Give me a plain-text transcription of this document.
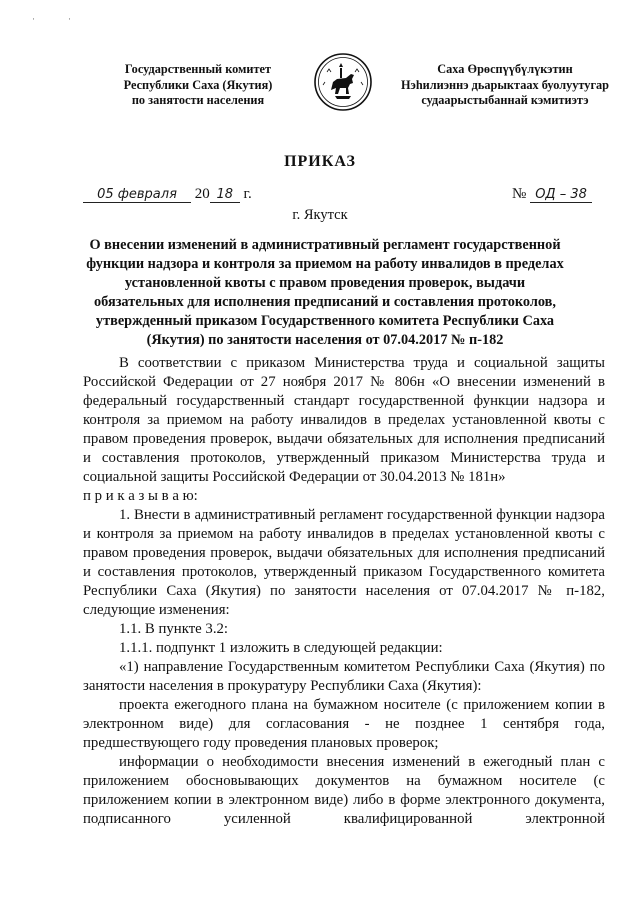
·	·
Государственный комитет
Республики Саха (Якутия)
по занятости населения
Саха Өрөспүүбүлүкэтин
Нэһилиэннэ дьарыктаах буолуутугар
судаарыстыбаннай кэмитиэтэ
ПРИКАЗ
05 февраля 20 18 г.	№ ОД – 38
г. Якутск
О внесении изменений в административный регламент государственной
функции надзора и контроля за приемом на работу инвалидов в пределах
установленной квоты с правом проведения проверок, выдачи
обязательных для исполнения предписаний и составления протоколов,
утвержденный приказом Государственного комитета Республики Саха
(Якутия) по занятости населения от 07.04.2017 № п-182

В соответствии с приказом Министерства труда и социальной защиты Российской Федерации от 27 ноября 2017 № 806н «О внесении изменений в федеральный государственный стандарт государственной функции надзора и контроля за приемом на работу инвалидов в пределах установленной квоты с правом проведения проверок, выдачи обязательных для исполнения предписаний и составления протоколов, утвержденный приказом Министерства труда и социальной защиты Российской Федерации от 30.04.2013 № 181н»

п р и к а з ы в а ю:

1. Внести в административный регламент государственной функции надзора и контроля за приемом на работу инвалидов в пределах установленной квоты с правом проведения проверок, выдачи обязательных для исполнения предписаний и составления протоколов, утвержденный приказом Государственного комитета Республики Саха (Якутия) по занятости населения от 07.04.2017 № п-182, следующие изменения:

1.1. В пункте 3.2:

1.1.1. подпункт 1 изложить в следующей редакции:

«1) направление Государственным комитетом Республики Саха (Якутия) по занятости населения в прокуратуру Республики Саха (Якутия):

проекта ежегодного плана на бумажном носителе (с приложением копии в электронном виде) для согласования - не позднее 1 сентября года, предшествующего году проведения плановых проверок;

информации о необходимости внесения изменений в ежегодный план с приложением обосновывающих документов на бумажном носителе (с приложением копии в электронном виде) либо в форме электронного документа, подписанного усиленной квалифицированной электронной
